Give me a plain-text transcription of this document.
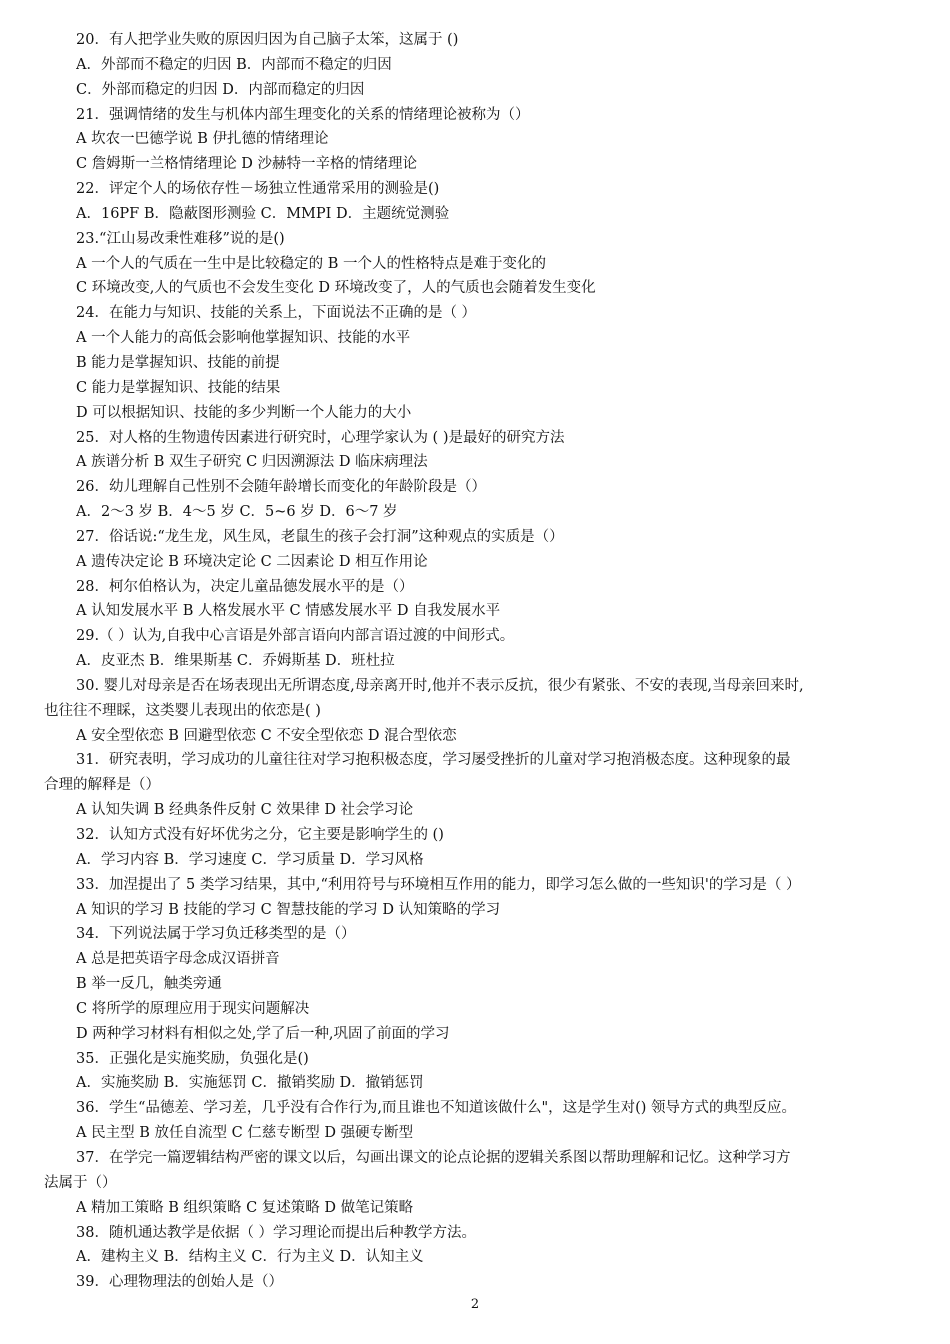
20．有人把学业失败的原因归因为自己脑子太笨，这属于 ()
A．外部而不稳定的归因 B．内部而不稳定的归因
C．外部而稳定的归因 D．内部而稳定的归因
21．强调情绪的发生与机体内部生理变化的关系的情绪理论被称为（）
A 坎农一巴德学说 B 伊扎德的情绪理论
C 詹姆斯一兰格情绪理论 D 沙赫特一辛格的情绪理论
22．评定个人的场依存性－场独立性通常采用的测验是()
A．16PF B．隐蔽图形测验 C．MMPI D．主题统觉测验
23.“江山易改秉性难移”说的是()
A 一个人的气质在一生中是比较稳定的 B 一个人的性格特点是难于变化的
C 环境改变,人的气质也不会发生变化 D 环境改变了，人的气质也会随着发生变化
24．在能力与知识、技能的关系上，下面说法不正确的是（ ）
A 一个人能力的高低会影响他掌握知识、技能的水平
B 能力是掌握知识、技能的前提
C 能力是掌握知识、技能的结果
D 可以根据知识、技能的多少判断一个人能力的大小
25．对人格的生物遗传因素进行研究时，心理学家认为 ( )是最好的研究方法
A 族谱分析 B 双生子研究 C 归因溯源法 D 临床病理法
26．幼儿理解自己性别不会随年龄增长而变化的年龄阶段是（）
A．2～3 岁 B．4～5 岁 C．5~6 岁 D．6～7 岁
27．俗话说:“龙生龙，风生凤，老鼠生的孩子会打洞”这种观点的实质是（）
A 遗传决定论 B 环境决定论 C 二因素论 D 相互作用论
28．柯尔伯格认为，决定儿童品德发展水平的是（）
A 认知发展水平 B 人格发展水平 C 情感发展水平 D 自我发展水平
29.（ ）认为,自我中心言语是外部言语向内部言语过渡的中间形式。
A．皮亚杰 B．维果斯基 C．乔姆斯基 D．班杜拉
30. 婴儿对母亲是否在场表现出无所谓态度,母亲离开时,他并不表示反抗，很少有紧张、不安的表现,当母亲回来时,
也往往不理睬，这类婴儿表现出的依恋是( )
A 安全型依恋 B 回避型依恋 C 不安全型依恋 D 混合型依恋
31．研究表明，学习成功的儿童往往对学习抱积极态度，学习屡受挫折的儿童对学习抱消极态度。这种现象的最
合理的解释是（）
A 认知失调 B 经典条件反射 C 效果律 D 社会学习论
32．认知方式没有好坏优劣之分，它主要是影响学生的 ()
A．学习内容 B．学习速度 C．学习质量 D．学习风格
33．加涅提出了 5 类学习结果，其中,“利用符号与环境相互作用的能力，即学习怎么做的一些知识'的学习是（ ）
A 知识的学习 B 技能的学习 C 智慧技能的学习 D 认知策略的学习
34．下列说法属于学习负迁移类型的是（）
A 总是把英语字母念成汉语拼音
B 举一反几，触类旁通
C 将所学的原理应用于现实问题解决
D 两种学习材料有相似之处,学了后一种,巩固了前面的学习
35．正强化是实施奖励，负强化是()
A．实施奖励 B．实施惩罚 C．撤销奖励 D．撤销惩罚
36．学生“品德差、学习差，几乎没有合作行为,而且谁也不知道该做什么"，这是学生对() 领导方式的典型反应。
A 民主型 B 放任自流型 C 仁慈专断型 D 强硬专断型
37．在学完一篇逻辑结构严密的课文以后，勾画出课文的论点论据的逻辑关系图以帮助理解和记忆。这种学习方
法属于（）
A 精加工策略 B 组织策略 C 复述策略 D 做笔记策略
38．随机通达教学是依据（ ）学习理论而提出后种教学方法。
A．建构主义 B．结构主义 C．行为主义 D．认知主义
39．心理物理法的创始人是（）
2
